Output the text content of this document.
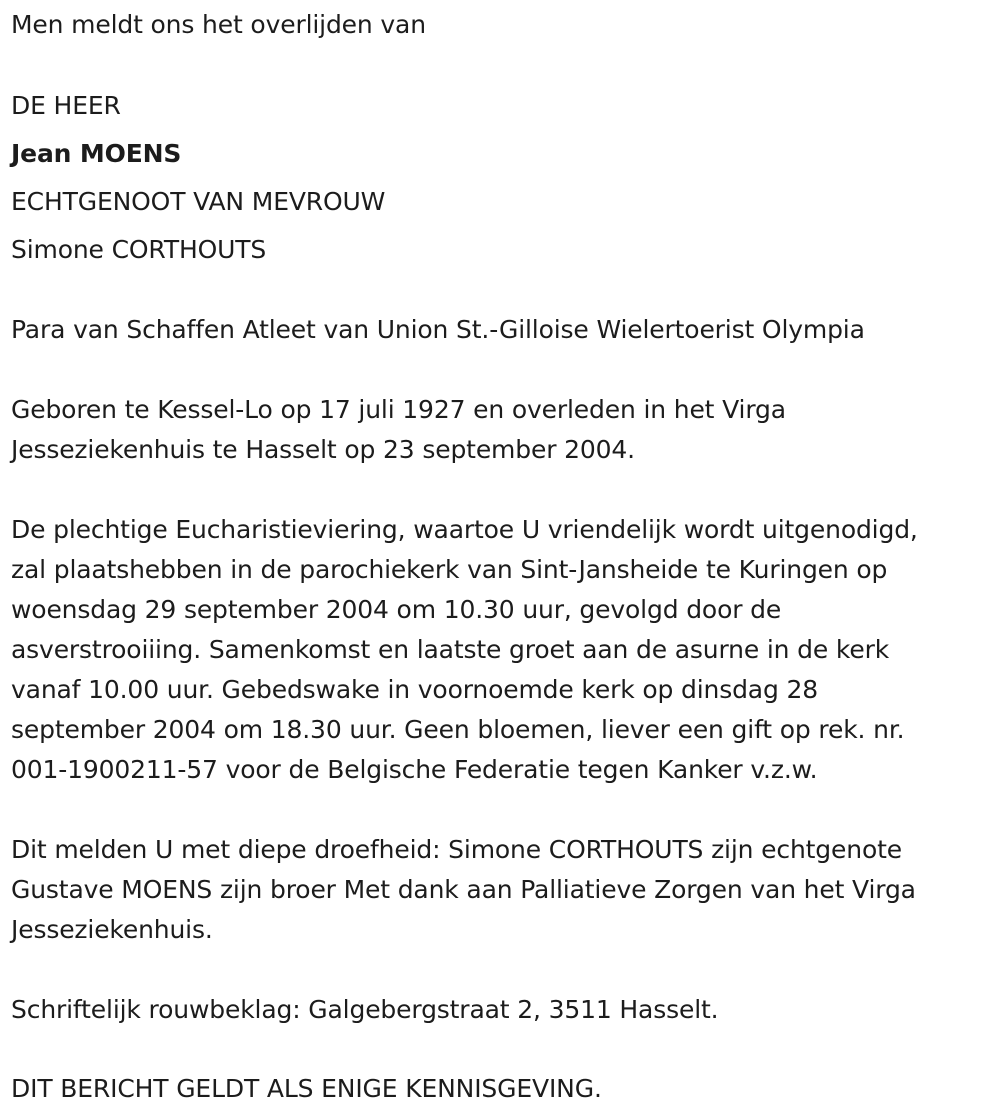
Men meldt ons het overlijden van
DE HEER
Jean MOENS
ECHTGENOOT VAN MEVROUW
Simone CORTHOUTS
Para van Schaffen Atleet van Union St.-Gilloise Wielertoerist Olympia
Geboren te Kessel-Lo op 17 juli 1927 en overleden in het Virga
Jesseziekenhuis te Hasselt op 23 september 2004.
De plechtige Eucharistieviering, waartoe U vriendelijk wordt uitgenodigd,
zal plaatshebben in de parochiekerk van Sint-Jansheide te Kuringen op
woensdag 29 september 2004 om 10.30 uur, gevolgd door de
asverstrooiiing. Samenkomst en laatste groet aan de asurne in de kerk
vanaf 10.00 uur. Gebedswake in voornoemde kerk op dinsdag 28
september 2004 om 18.30 uur. Geen bloemen, liever een gift op rek. nr.
001-1900211-57 voor de Belgische Federatie tegen Kanker v.z.w.
Dit melden U met diepe droefheid: Simone CORTHOUTS zijn echtgenote
Gustave MOENS zijn broer Met dank aan Palliatieve Zorgen van het Virga
Jesseziekenhuis.
Schriftelijk rouwbeklag: Galgebergstraat 2, 3511 Hasselt.
DIT BERICHT GELDT ALS ENIGE KENNISGEVING.
